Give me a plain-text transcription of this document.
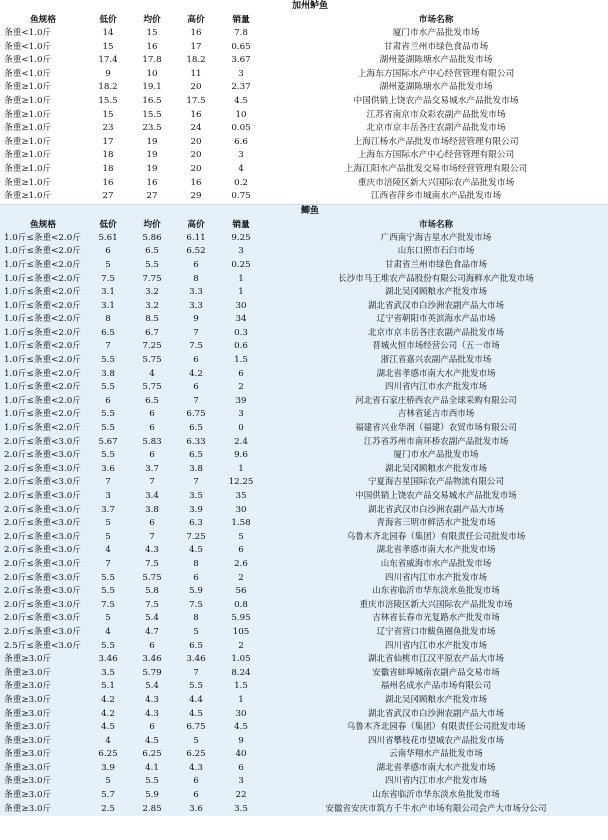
加州鲈鱼
鱼规格	低价	均价	高价	销量	市场名称
条重<1.0斤	14	15	16	7.8	厦门市水产品批发市场
条重<1.0斤	15	16	17	0.65	甘肃省兰州市绿色食品市场
条重<1.0斤	17.4	17.8	18.2	3.67	湖州菱湖陈塘水产品批发市场
条重<1.0斤	9	10	11	3	上海东方国际水产中心经营管理有限公司
条重≥1.0斤	18.2	19.1	20	2.37	湖州菱湖陈塘水产品批发市场
条重≥1.0斤	15.5	16.5	17.5	4.5	中国供销上饶农产品交易城水产品批发市场
条重≥1.0斤	15	15.5	16	10	江苏省南京市众彩农副产品批发市场
条重≥1.0斤	23	23.5	24	0.05	北京市京丰岳各庄农副产品批发市场
条重≥1.0斤	17	19	20	6.6	上海江杨水产品批发市场经营管理有限公司
条重≥1.0斤	18	19	20	3	上海东方国际水产中心经营管理有限公司
条重≥1.0斤	18	19	20	4	上海江阳水产品批发交易市场经营管理有限公司
条重≥1.0斤	16	16	16	0.2	重庆市涪陵区新大兴国际农产品批发市场
条重≥1.0斤	27	27	29	0.75	江西省萍乡市城南水产品批发市场
鲫鱼
鱼规格	低价	均价	高价	销量	市场名称
1.0斤≤条重<2.0斤	5.61	5.86	6.11	9.25	广西南宁海吉星水产批发市场
1.0斤≤条重<2.0斤	6	6.5	6.52	3	山东口照市石臼市场
1.0斤≤条重<2.0斤	5	5.5	6	0.25	甘肃省兰州市绿色食品市场
1.0斤≤条重<2.0斤	7.5	7.75	8	1	长沙市马王堆农产品股份有限公司海鲜水产批发市场
1.0斤≤条重<2.0斤	3.1	3.2	3.3	1	湖北吴冈顾粮水产批发市场
1.0斤≤条重<2.0斤	3.1	3.2	3.3	30	湖北省武汉市白沙洲农副产品大市场
1.0斤≤条重<2.0斤	8	8.5	9	34	辽宁省朝阳市英滨海水产品市场
1.0斤≤条重<2.0斤	6.5	6.7	7	0.3	北京市京丰岳各庄农副产品批发市场
1.0斤≤条重<2.0斤	7	7.25	7.5	0.6	晋城火恒市场经营公司（五一市场
1.0斤≤条重<2.0斤	5.5	5.75	6	1.5	浙江省嘉兴农副产品批发市场
1.0斤≤条重<2.0斤	3.8	4	4.2	6	湖北省孝感市南大水产批发市场
1.0斤≤条重<2.0斤	5.5	5.75	6	2	四川省内江市水产批发市场
1.0斤≤条重<2.0斤	6	6.5	7	39	河北省石家庄桥西农产品全球采购有限公司
1.0斤≤条重<2.0斤	5.5	6	6.75	3	吉林省延吉市西市场
1.0斤≤条重<2.0斤	5.5	6	6.5	0	福建省兴业华润（福建）农贸市场有限公司
2.0斤≤条重<3.0斤	5.67	5.83	6.33	2.4	江苏省苏州市南环桥农副产品批发市场
2.0斤≤条重<3.0斤	5.5	6	6.5	9.6	厦门市水产品批发市场
2.0斤≤条重<3.0斤	3.6	3.7	3.8	1	湖北吴冈顾粮水产批发市场
2.0斤≤条重<3.0斤	7	7	7	12.25	宁夏海吉星国际农产品物流有限公司
2.0斤≤条重<3.0斤	3	3.4	3.5	35	中国供销上饶农产品交易城水产品批发市场
2.0斤≤条重<3.0斤	3.7	3.8	3.9	30	湖北省武汉市白沙洲农副产品大市场
2.0斤≤条重<3.0斤	5	6	6.3	1.58	青海省三明市鲜活水产批发市场
2.0斤≤条重<3.0斤	5	7	7.25	5	乌鲁木齐北园春（集团）有限责任公司批发市场
2.0斤≤条重<3.0斤	4	4.3	4.5	6	湖北省孝感市南大水产批发市场
2.0斤≤条重<3.0斤	7	7.5	8	2.6	山东省威海市水产品批发市场
2.0斤≤条重<3.0斤	5.5	5.75	6	2	四川省内江市水产批发市场
2.0斤≤条重<3.0斤	5.5	5.8	5.9	56	山东省临沂市华东淡水鱼批发市场
2.0斤≤条重<3.0斤	7.5	7.5	7.5	0.8	重庆市涪陵区新大兴国际农产品批发市场
2.0斤≤条重<3.0斤	5	5.4	8	5.95	吉林省长春市光复路水产批发市场
2.0斤≤条重<3.0斤	4	4.7	5	105	辽宁省营口市鲅鱼圈鱼批发市场
2.5斤≤条重<3.0斤	5.5	6	6.5	2	四川省内江市水产批发市场
条重≥3.0斤	3.46	3.46	3.46	1.05	湖北省仙桃市江汉平原农产品大市场
条重≥3.0斤	3.5	5.79	7	8.24	安徽省蚌埠城南农副产品交易市场
条重≥3.0斤	5.1	5.4	5.5	1.5	福州名成水产品市场有限公司
条重≥3.0斤	4.2	4.3	4.4	1	湖北吴冈顾粮水产批发市场
条重≥3.0斤	4.2	4.3	4.5	30	湖北省武汉市白沙洲农副产品大市场
条重≥3.0斤	4.5	6	6.75	4.5	乌鲁木齐北园春（集团）有限责任公司批发市场
条重≥3.0斤	4	4.5	5	9	四川省攀枝花市望城农产品批发市场
条重≥3.0斤	6.25	6.25	6.25	40	云南华翔水产品批发市场
条重≥3.0斤	3.9	4.1	4.3	6	湖北省孝感市南大水产批发市场
条重≥3.0斤	5	5.5	6	3	四川省内江市水产批发市场
条重≥3.0斤	5.7	5.9	6	22	山东省临沂市华东淡水鱼批发市场
条重≥3.0斤	2.5	2.85	3.6	3.5	安徽省安庆市筑方千牛水产市场有限公司会产大市场分公司
